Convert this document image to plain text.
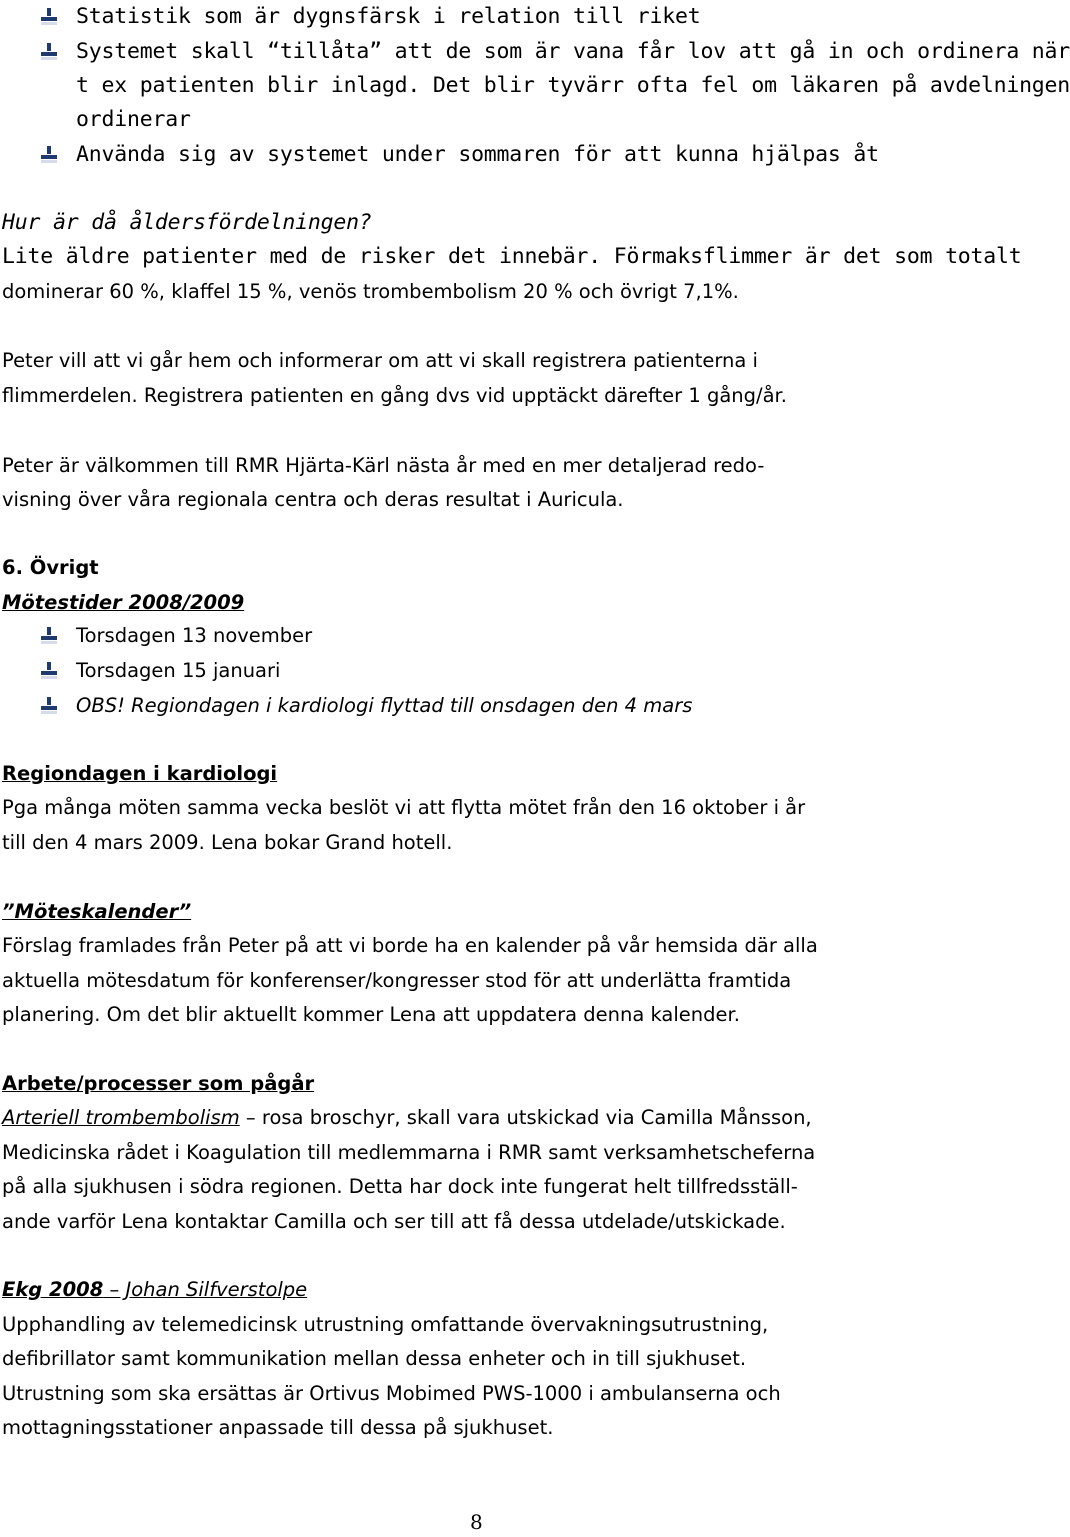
Statistik som är dygnsfärsk i relation till riket
Systemet skall “tillåta” att de som är vana får lov att gå in och ordinera när
t ex patienten blir inlagd. Det blir tyvärr ofta fel om läkaren på avdelningen
ordinerar
Använda sig av systemet under sommaren för att kunna hjälpas åt
Hur är då åldersfördelningen?
Lite äldre patienter med de risker det innebär. Förmaksflimmer är det som totalt
dominerar 60 %, klaffel 15 %, venös trombembolism 20 % och övrigt 7,1%.
Peter vill att vi går hem och informerar om att vi skall registrera patienterna i
flimmerdelen. Registrera patienten en gång dvs vid upptäckt därefter 1 gång/år.
Peter är välkommen till RMR Hjärta-Kärl nästa år med en mer detaljerad redo-
visning över våra regionala centra och deras resultat i Auricula.
6. Övrigt
Mötestider 2008/2009
Torsdagen 13 november
Torsdagen 15 januari
OBS! Regiondagen i kardiologi flyttad till onsdagen den 4 mars
Regiondagen i kardiologi
Pga många möten samma vecka beslöt vi att flytta mötet från den 16 oktober i år
till den 4 mars 2009. Lena bokar Grand hotell.
”Möteskalender”
Förslag framlades från Peter på att vi borde ha en kalender på vår hemsida där alla
aktuella mötesdatum för konferenser/kongresser stod för att underlätta framtida
planering. Om det blir aktuellt kommer Lena att uppdatera denna kalender.
Arbete/processer som pågår
Arteriell trombembolism – rosa broschyr, skall vara utskickad via Camilla Månsson,
Medicinska rådet i Koagulation till medlemmarna i RMR samt verksamhetscheferna
på alla sjukhusen i södra regionen. Detta har dock inte fungerat helt tillfredsställ-
ande varför Lena kontaktar Camilla och ser till att få dessa utdelade/utskickade.
Ekg 2008 – Johan Silfverstolpe
Upphandling av telemedicinsk utrustning omfattande övervakningsutrustning,
defibrillator samt kommunikation mellan dessa enheter och in till sjukhuset.
Utrustning som ska ersättas är Ortivus Mobimed PWS-1000 i ambulanserna och
mottagningsstationer anpassade till dessa på sjukhuset.
8
